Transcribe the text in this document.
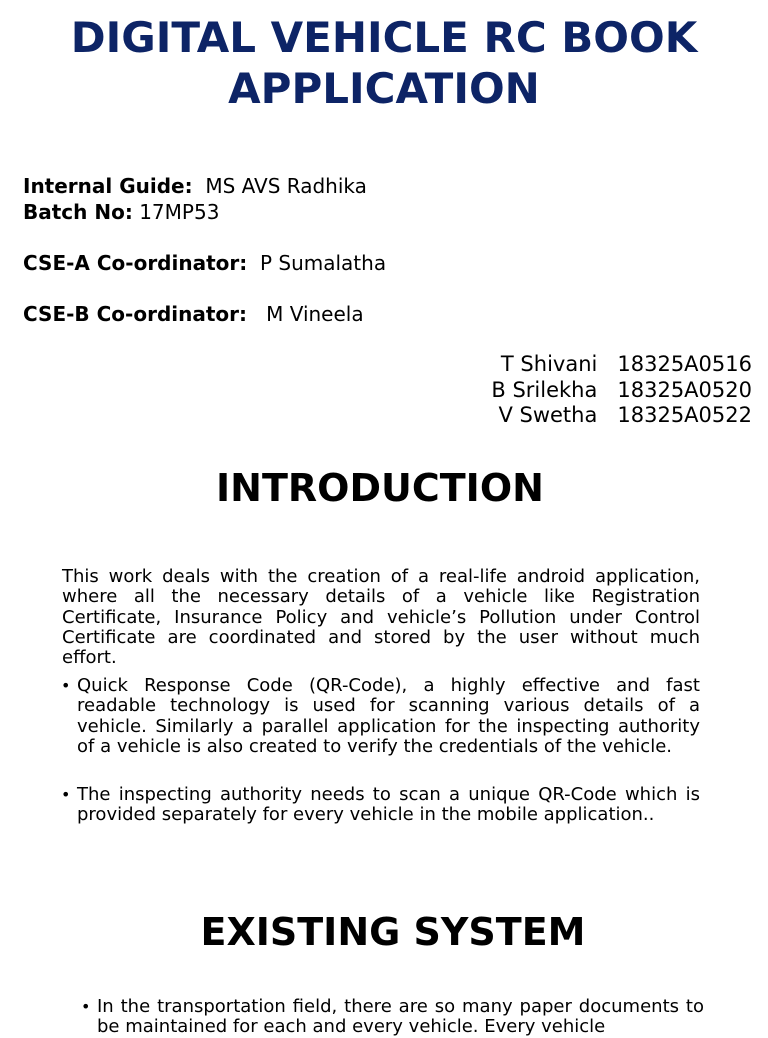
DIGITAL VEHICLE RC BOOK APPLICATION
Internal Guide: MS AVS Radhika
Batch No: 17MP53
CSE-A Co-ordinator: P Sumalatha
CSE-B Co-ordinator: M Vineela
T Shivani 18325A0516
B Srilekha 18325A0520
V Swetha 18325A0522
INTRODUCTION

This work deals with the creation of a real-life android application, where all the necessary details of a vehicle like Registration Certificate, Insurance Policy and vehicle’s Pollution under Control Certificate are coordinated and stored by the user without much effort.

• Quick Response Code (QR-Code), a highly effective and fast readable technology is used for scanning various details of a vehicle. Similarly a parallel application for the inspecting authority of a vehicle is also created to verify the credentials of the vehicle.

• The inspecting authority needs to scan a unique QR-Code which is provided separately for every vehicle in the mobile application..

EXISTING SYSTEM

• In the transportation field, there are so many paper documents to be maintained for each and every vehicle. Every vehicle
